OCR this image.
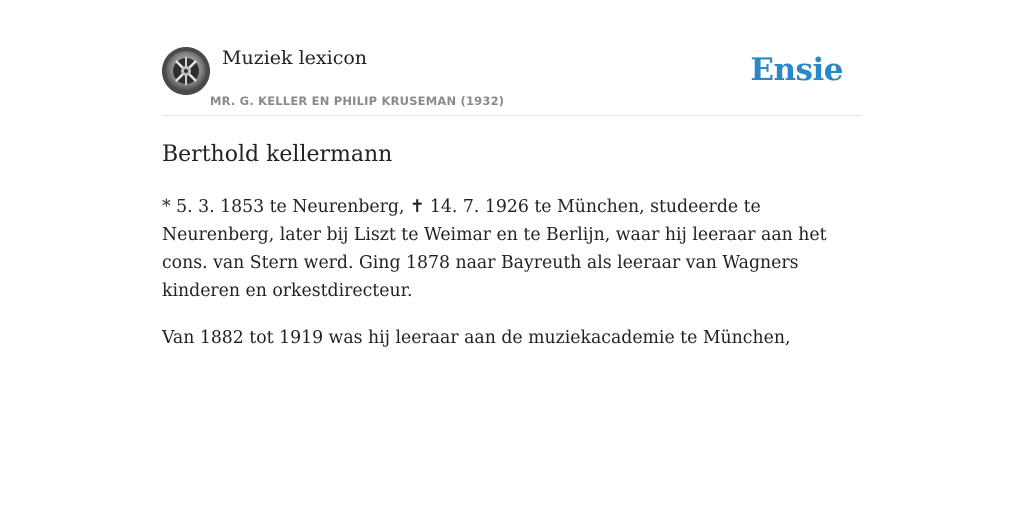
Muziek lexicon
MR. G. KELLER EN PHILIP KRUSEMAN (1932)
Ensie
Berthold kellermann

* 5. 3. 1853 te Neurenberg, ✝ 14. 7. 1926 te München, studeerde te Neurenberg, later bij Liszt te Weimar en te Berlijn, waar hij leeraar aan het cons. van Stern werd. Ging 1878 naar Bayreuth als leeraar van Wagners kinderen en orkestdirecteur.

Van 1882 tot 1919 was hij leeraar aan de muziekacademie te München,
